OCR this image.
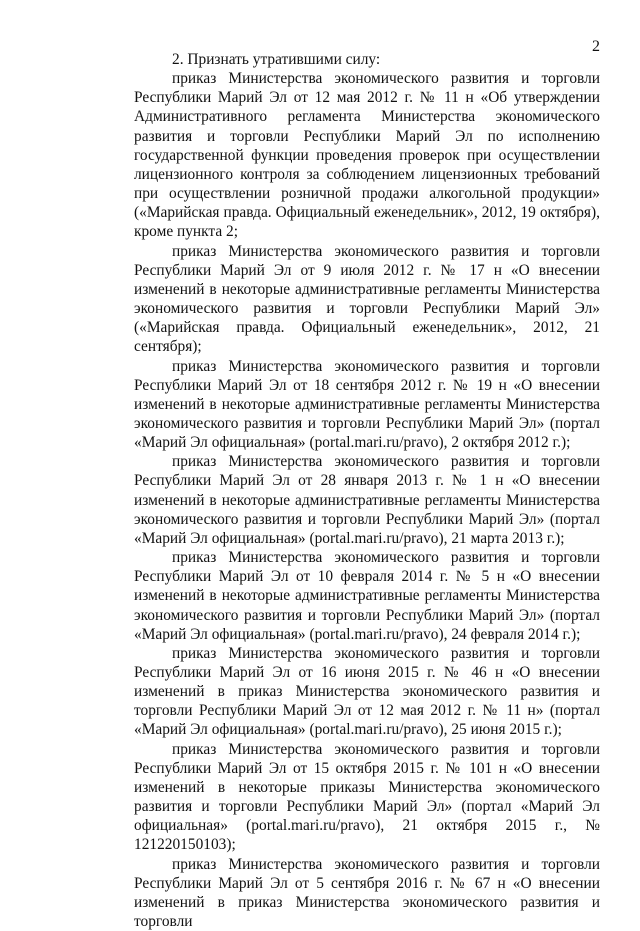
2

2. Признать утратившими силу:

приказ Министерства экономического развития и торговли Республики Марий Эл от 12 мая 2012 г. № 11 н «Об утверждении Административного регламента Министерства экономического развития и торговли Республики Марий Эл по исполнению государственной функции проведения проверок при осуществлении лицензионного контроля за соблюдением лицензионных требований при осуществлении розничной продажи алкогольной продукции» («Марийская правда. Официальный еженедельник», 2012, 19 октября), кроме пункта 2;

приказ Министерства экономического развития и торговли Республики Марий Эл от 9 июля 2012 г. № 17 н «О внесении изменений в некоторые административные регламенты Министерства экономического развития и торговли Республики Марий Эл» («Марийская правда. Официальный еженедельник», 2012, 21 сентября);

приказ Министерства экономического развития и торговли Республики Марий Эл от 18 сентября 2012 г. № 19 н «О внесении изменений в некоторые административные регламенты Министерства экономического развития и торговли Республики Марий Эл» (портал «Марий Эл официальная» (portal.mari.ru/pravo), 2 октября 2012 г.);

приказ Министерства экономического развития и торговли Республики Марий Эл от 28 января 2013 г. № 1 н «О внесении изменений в некоторые административные регламенты Министерства экономического развития и торговли Республики Марий Эл» (портал «Марий Эл официальная» (portal.mari.ru/pravo), 21 марта 2013 г.);

приказ Министерства экономического развития и торговли Республики Марий Эл от 10 февраля 2014 г. № 5 н «О внесении изменений в некоторые административные регламенты Министерства экономического развития и торговли Республики Марий Эл» (портал «Марий Эл официальная» (portal.mari.ru/pravo), 24 февраля 2014 г.);

приказ Министерства экономического развития и торговли Республики Марий Эл от 16 июня 2015 г. № 46 н «О внесении изменений в приказ Министерства экономического развития и торговли Республики Марий Эл от 12 мая 2012 г. № 11 н» (портал «Марий Эл официальная» (portal.mari.ru/pravo), 25 июня 2015 г.);

приказ Министерства экономического развития и торговли Республики Марий Эл от 15 октября 2015 г. № 101 н «О внесении изменений в некоторые приказы Министерства экономического развития и торговли Республики Марий Эл» (портал «Марий Эл официальная» (portal.mari.ru/pravo), 21 октября 2015 г., № 121220150103);

приказ Министерства экономического развития и торговли Республики Марий Эл от 5 сентября 2016 г. № 67 н «О внесении изменений в приказ Министерства экономического развития и торговли
